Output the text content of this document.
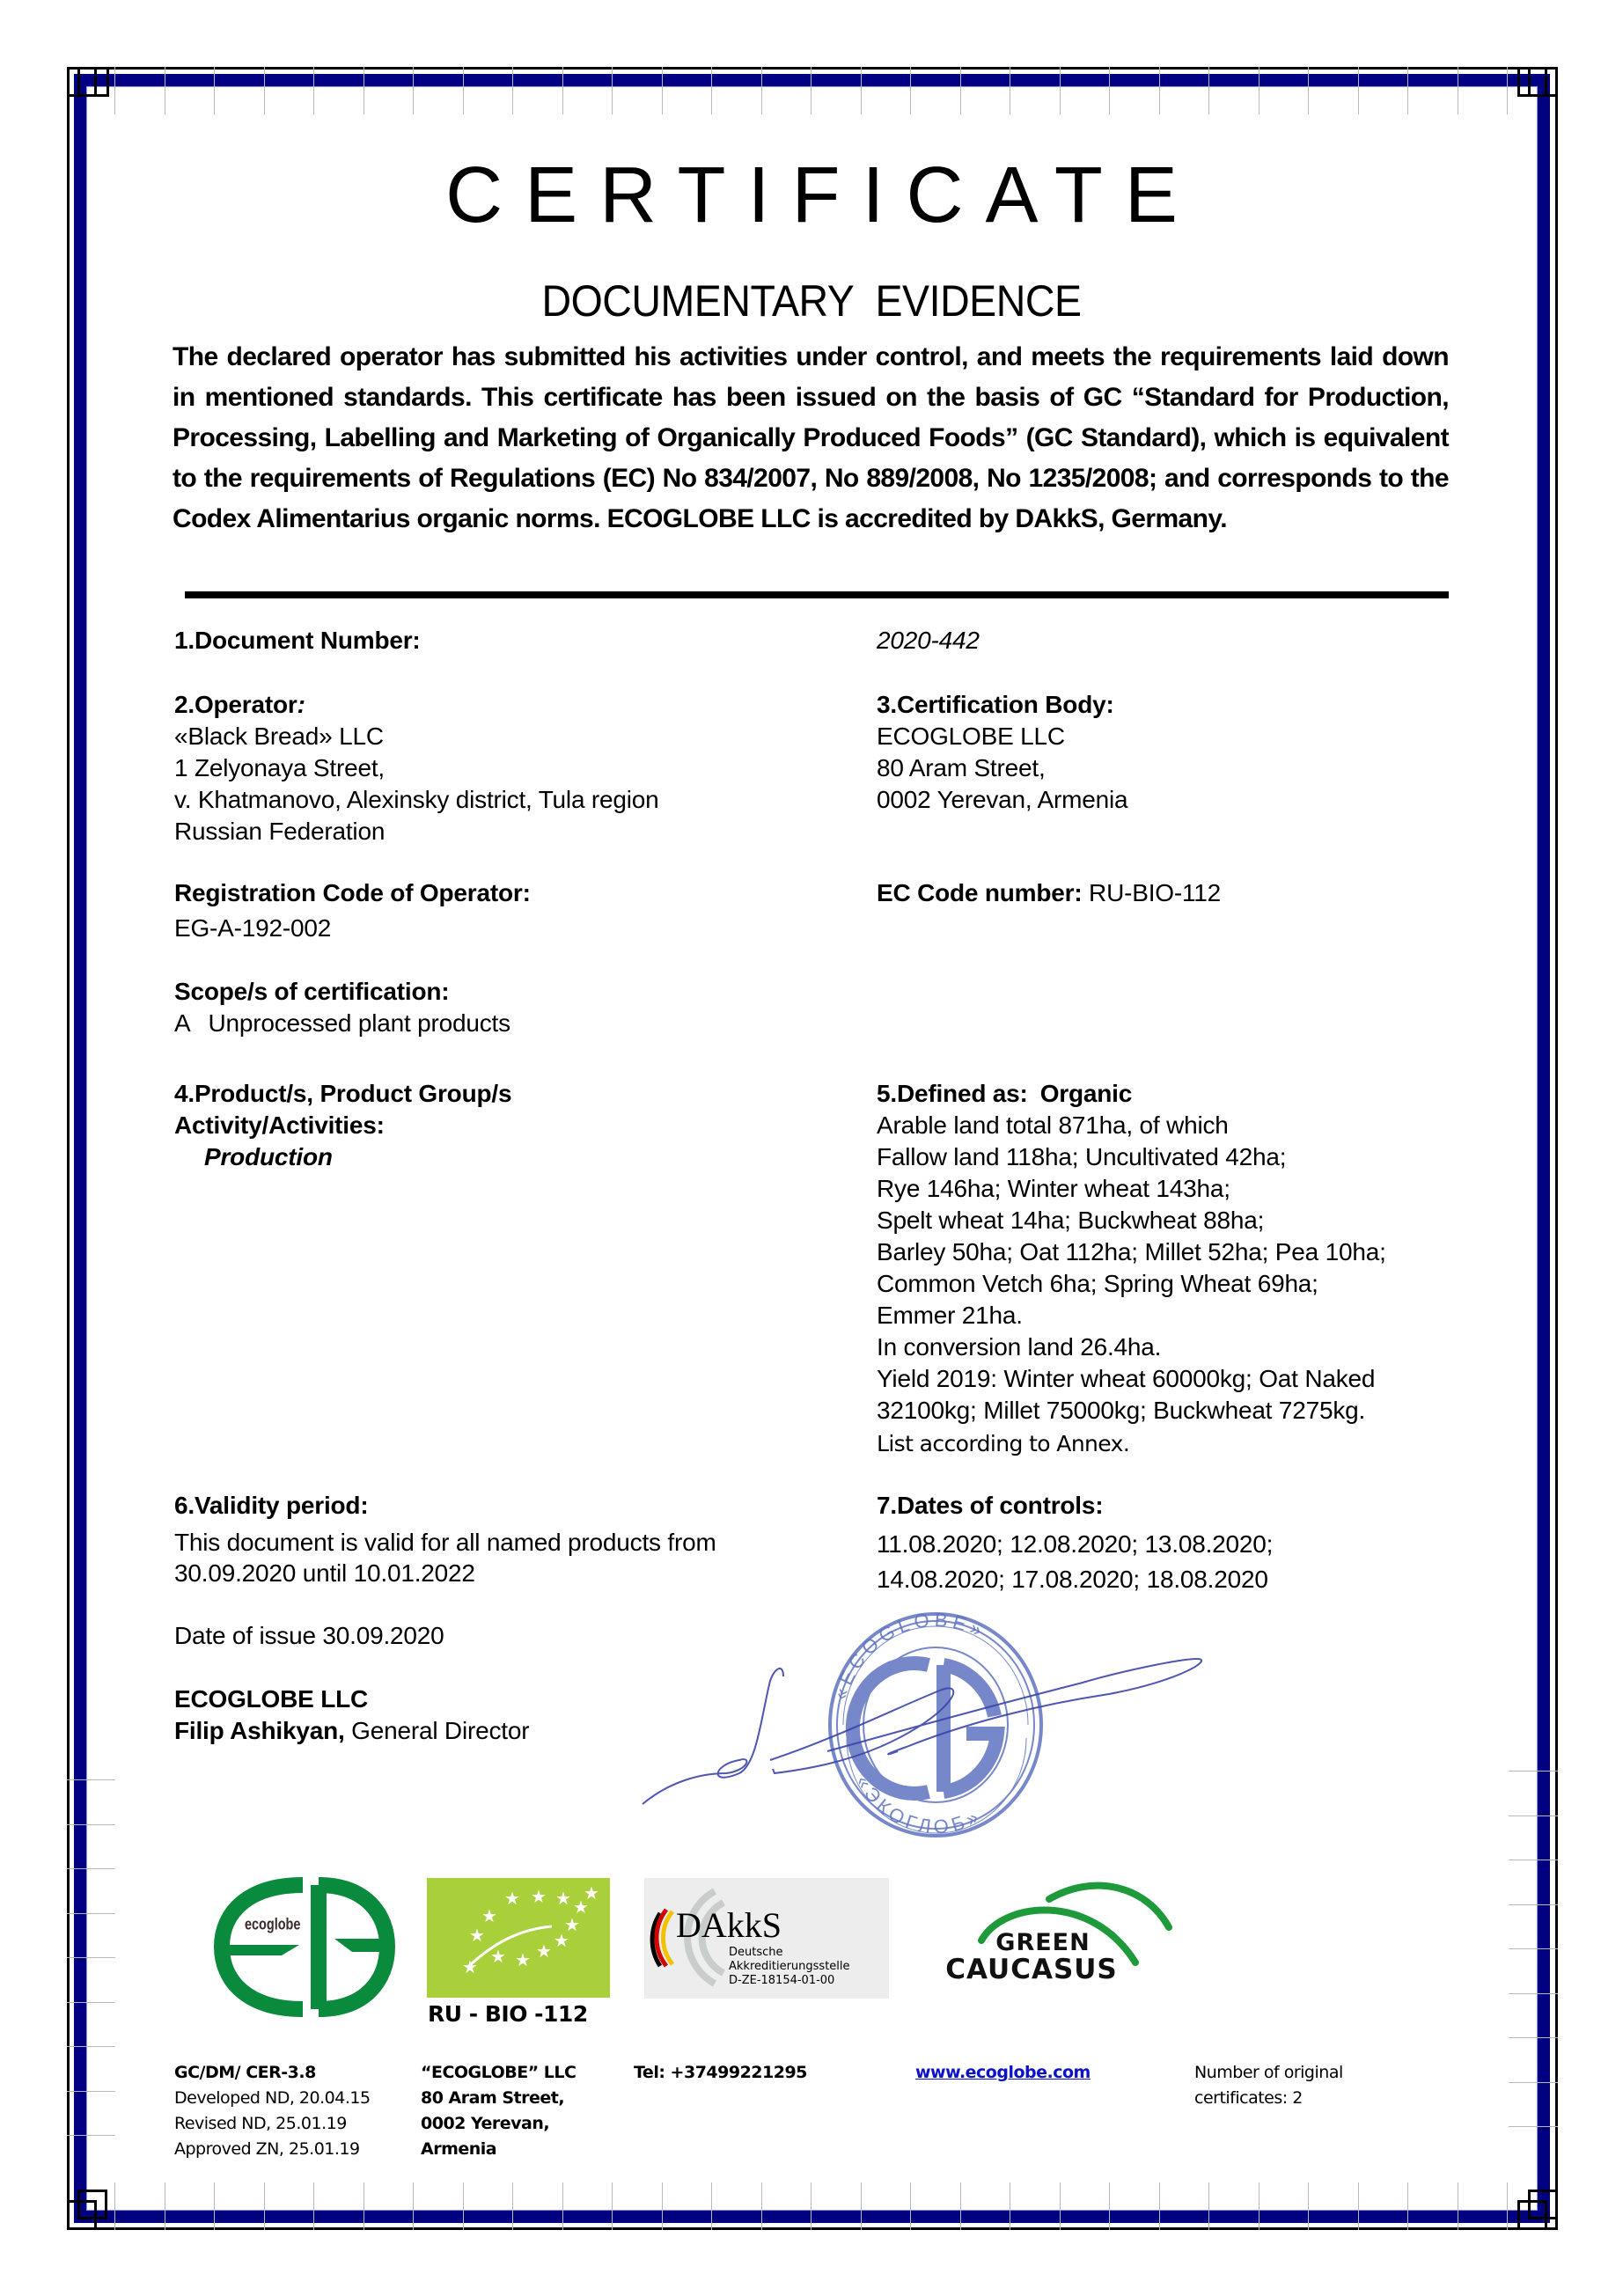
CERTIFICATE
DOCUMENTARY EVIDENCE
The declared operator has submitted his activities under control, and meets the requirements laid down in mentioned standards. This certificate has been issued on the basis of GC “Standard for Production, Processing, Labelling and Marketing of Organically Produced Foods” (GC Standard), which is equivalent to the requirements of Regulations (EC) No 834/2007, No 889/2008, No 1235/2008; and corresponds to the Codex Alimentarius organic norms. ECOGLOBE LLC is accredited by DAkkS, Germany.
1.Document Number:	2020-442
2.Operator:
«Black Bread» LLC
1 Zelyonaya Street,
v. Khatmanovo, Alexinsky district, Tula region
Russian Federation
3.Certification Body:
ECOGLOBE LLC
80 Aram Street,
0002 Yerevan, Armenia
Registration Code of Operator:
EG-A-192-002
EC Code number: RU-BIO-112
Scope/s of certification:
A Unprocessed plant products
4.Product/s, Product Group/s
Activity/Activities:
Production
5.Defined as: Organic
Arable land total 871ha, of which
Fallow land 118ha; Uncultivated 42ha;
Rye 146ha; Winter wheat 143ha;
Spelt wheat 14ha; Buckwheat 88ha;
Barley 50ha; Oat 112ha; Millet 52ha; Pea 10ha;
Common Vetch 6ha; Spring Wheat 69ha;
Emmer 21ha.
In conversion land 26.4ha.
Yield 2019: Winter wheat 60000kg; Oat Naked
32100kg; Millet 75000kg; Buckwheat 7275kg.
List according to Annex.
6.Validity period:
This document is valid for all named products from
30.09.2020 until 10.01.2022
7.Dates of controls:
11.08.2020; 12.08.2020; 13.08.2020;
14.08.2020; 17.08.2020; 18.08.2020
Date of issue 30.09.2020
ECOGLOBE LLC
Filip Ashikyan, General Director
«ECOGLOBE»
«ЭКОГЛОБ»
ecoglobe
★ ★ ★ ★ ★
★
★
★
★
★
★
★
★
RU - BIO -112
DAkkS
Deutsche
Akkreditierungsstelle
D-ZE-18154-01-00
GREEN
CAUCASUS
GC/DM/ CER-3.8
Developed ND, 20.04.15
Revised ND, 25.01.19
Approved ZN, 25.01.19
“ECOGLOBE” LLC
80 Aram Street,
0002 Yerevan,
Armenia
Tel: +37499221295	www.ecoglobe.com	Number of original
certificates: 2
